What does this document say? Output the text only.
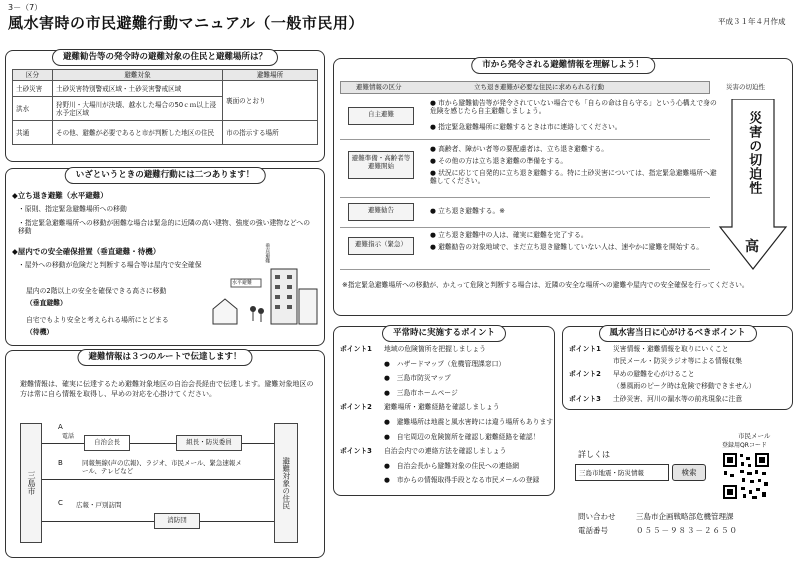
3－（7）
風水害時の市民避難行動マニュアル（一般市民用）	平成３１年４月作成
避難勧告等の発令時の避難対象の住民と避難場所は？
区分	避難対象	避難場所
土砂災害	土砂災害特別警戒区域・土砂災害警戒区域	裏面のとおり
洪水	狩野川・大場川が決壊、越水した場合の50ｃｍ以上浸水予定区域	
共通	その他、避難が必要であると市が判断した地区の住民	市の指示する場所
いざというときの避難行動には二つあります！
◆立ち退き避難（水平避難）
・原則、指定緊急避難場所への移動
・指定緊急避難場所への移動が困難な場合は緊急的に近隣の高い建物、強度の強い建物などへの移動
◆屋内での安全確保措置（垂直避難・待機）
・屋外への移動が危険だと判断する場合等は屋内で安全確保
屋内の2階以上の安全を確保できる高さに移動
（垂直避難）
自宅でもより安全と考えられる場所にとどまる
（待機）
水平避難
垂直避難
避難情報は３つのルートで伝達します！
避難情報は、確実に伝達するため避難対象地区の自治会長経由で伝達します。避難対象地区の方は常に自ら情報を取得し、早めの対応を心掛けてください。
三島市	避難対象の住民
A
電話
自治会長	組長・防災委員
B	同報無線(声の広報)、ラジオ、市民メール、緊急速報メール、テレビなど
C 広報・戸別訪問
消防団
市から発令される避難情報を理解しよう！
避難情報の区分	立ち退き避難が必要な住民に求められる行動	災害の切迫性
自主避難
● 市から避難勧告等が発令されていない場合でも「自らの命は自ら守る」という心構えで身の危険を感じたら自主避難しましょう。
● 指定緊急避難場所に避難するときは市に連絡してください。
避難準備・高齢者等避難開始
● 高齢者、障がい者等の要配慮者は、立ち退き避難する。
● その他の方は立ち退き避難の準備をする。
● 状況に応じて自発的に立ち退き避難する。特に土砂災害については、指定緊急避難場所へ避難してください。
避難勧告	● 立ち退き避難する。※
避難指示（緊急）
● 立ち退き避難中の人は、確実に避難を完了する。
● 避難勧告の対象地域で、まだ立ち退き避難していない人は、速やかに避難を開始する。
災害の切迫性
高
※指定緊急避難場所への移動が、かえって危険と判断する場合は、近隣の安全な場所への避難や屋内での安全確保を行ってください。
平常時に実施するポイント
ポイント1 地域の危険箇所を把握しましょう
●　ハザードマップ（危機管理課窓口）
●　三島市防災マップ
●　三島市ホームページ
ポイント2 避難場所・避難経路を確認しましょう
●　避難場所は地震と風水害時には違う場所もあります
●　自宅周辺の危険箇所を確認し避難経路を確認！
ポイント3 自治会内での連絡方法を確認しましょう
●　自治会長から避難対象の住民への連絡網
●　市からの情報取得手段となる市民メールの登録
風水害当日に心がけるべきポイント
ポイント1 災害情報・避難情報を取りにいくこと
市民メール・防災ラジオ等による情報収集
ポイント2 早めの避難を心がけること
（暴風雨のピーク時は危険で移動できません）
ポイント3 土砂災害、河川の漏水等の前兆現象に注意
詳しくは
三島市地震・防災情報
検索
市民メール
登録用QRコード
問い合わせ	三島市企画戦略部危機管理課
電話番号	０５５－９８３－２６５０
